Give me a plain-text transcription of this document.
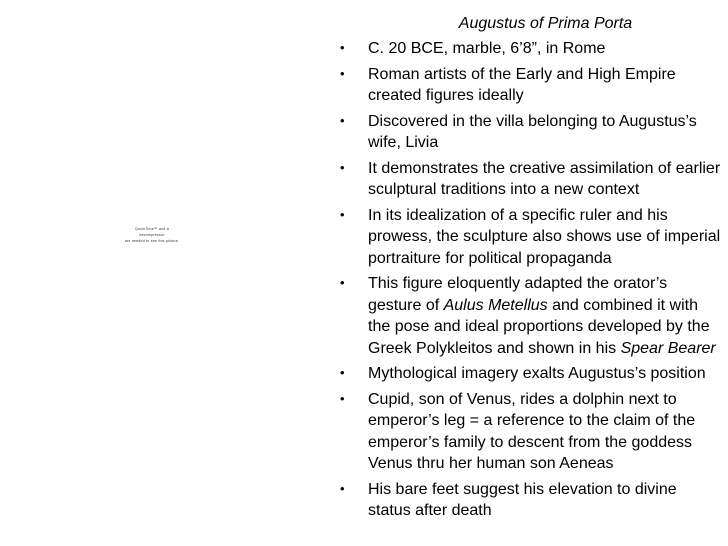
QuickTime™ and a
decompressor
are needed to see this picture.
Augustus of Prima Porta
• C. 20 BCE, marble, 6’8”, in Rome
• Roman artists of the Early and High Empire created figures ideally
• Discovered in the villa belonging to Augustus’s wife, Livia
• It demonstrates the creative assimilation of earlier sculptural traditions into a new context
• In its idealization of a specific ruler and his prowess, the sculpture also shows use of imperial portraiture for political propaganda
• This figure eloquently adapted the orator’s gesture of Aulus Metellus and combined it with the pose and ideal proportions developed by the Greek Polykleitos and shown in his Spear Bearer
• Mythological imagery exalts Augustus’s position
• Cupid, son of Venus, rides a dolphin next to emperor’s leg = a reference to the claim of the emperor’s family to descent from the goddess Venus thru her human son Aeneas
• His bare feet suggest his elevation to divine status after death
